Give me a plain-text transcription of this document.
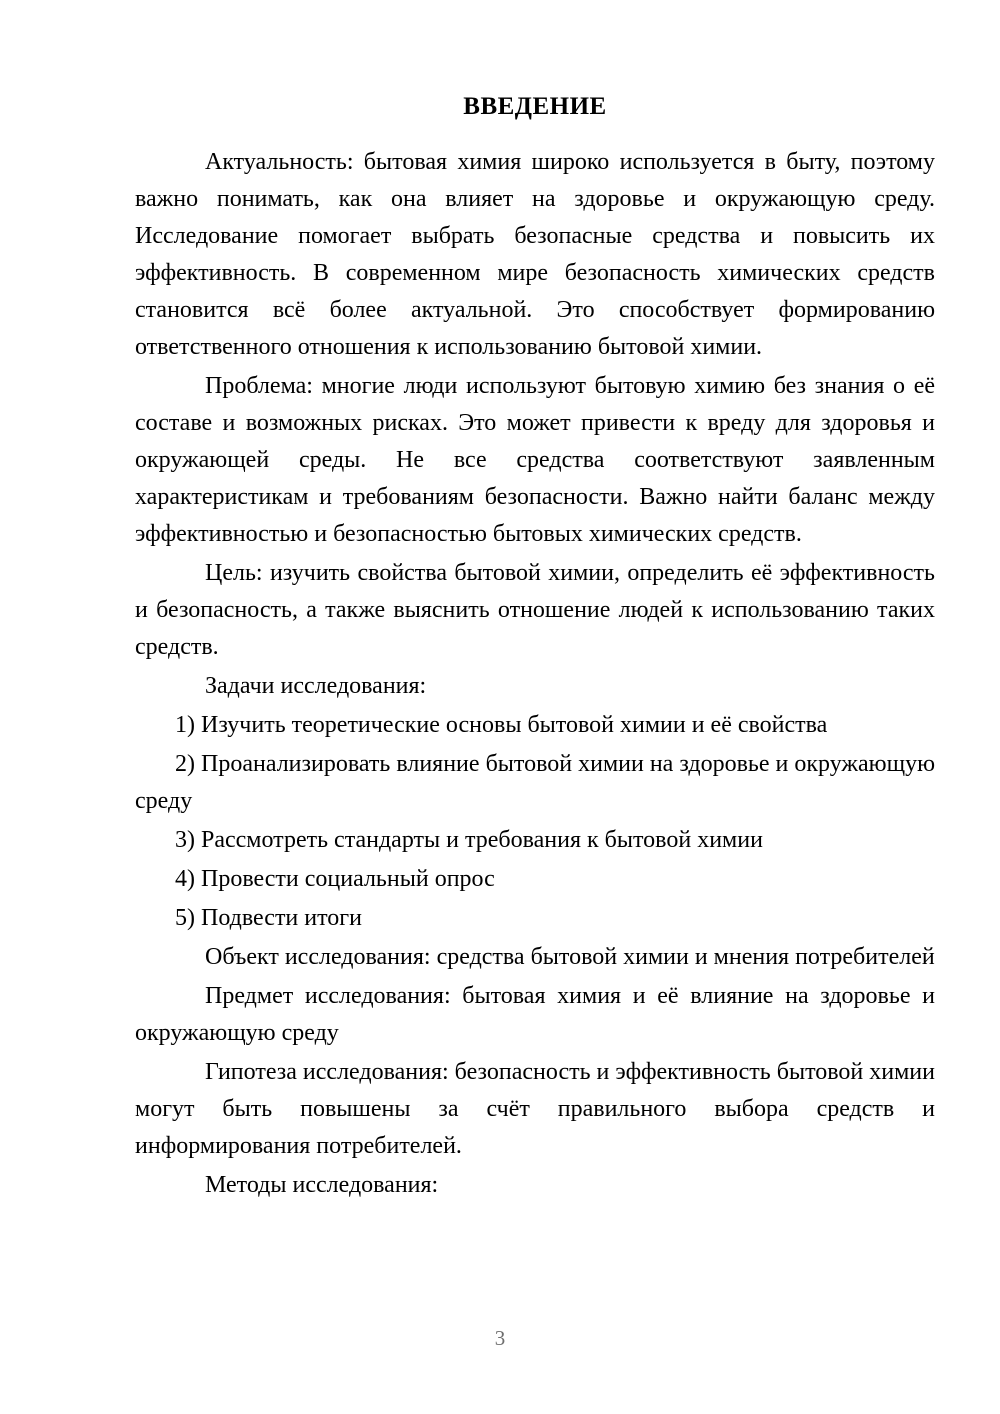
ВВЕДЕНИЕ

Актуальность: бытовая химия широко используется в быту, поэтому важно понимать, как она влияет на здоровье и окружающую среду. Исследование помогает выбрать безопасные средства и повысить их эффективность. В современном мире безопасность химических средств становится всё более актуальной. Это способствует формированию ответственного отношения к использованию бытовой химии.

Проблема: многие люди используют бытовую химию без знания о её составе и возможных рисках. Это может привести к вреду для здоровья и окружающей среды. Не все средства соответствуют заявленным характеристикам и требованиям безопасности. Важно найти баланс между эффективностью и безопасностью бытовых химических средств.

Цель: изучить свойства бытовой химии, определить её эффективность и безопасность, а также выяснить отношение людей к использованию таких средств.

Задачи исследования:

1) Изучить теоретические основы бытовой химии и её свойства

2) Проанализировать влияние бытовой химии на здоровье и окружающую среду

3) Рассмотреть стандарты и требования к бытовой химии

4) Провести социальный опрос

5) Подвести итоги

Объект исследования: средства бытовой химии и мнения потребителей

Предмет исследования: бытовая химия и её влияние на здоровье и окружающую среду

Гипотеза исследования: безопасность и эффективность бытовой химии могут быть повышены за счёт правильного выбора средств и информирования потребителей.

Методы исследования:

3
